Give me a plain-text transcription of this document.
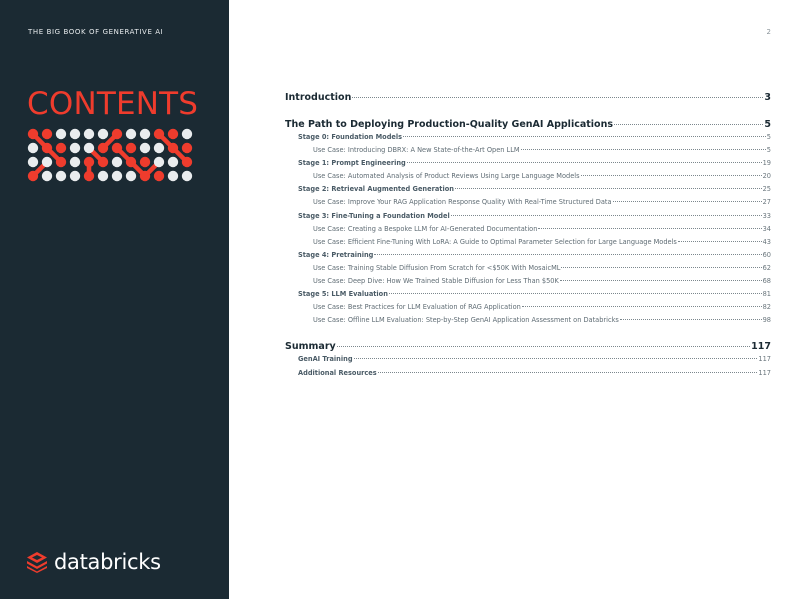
THE BIG BOOK OF GENERATIVE AI
CONTENTS
databricks
2
Introduction	3
The Path to Deploying Production-Quality GenAI Applications	5
Stage 0: Foundation Models	5
Use Case: Introducing DBRX: A New State-of-the-Art Open LLM	5
Stage 1: Prompt Engineering	19
Use Case: Automated Analysis of Product Reviews Using Large Language Models	20
Stage 2: Retrieval Augmented Generation	25
Use Case: Improve Your RAG Application Response Quality With Real-Time Structured Data	27
Stage 3: Fine-Tuning a Foundation Model	33
Use Case: Creating a Bespoke LLM for AI-Generated Documentation	34
Use Case: Efficient Fine-Tuning With LoRA: A Guide to Optimal Parameter Selection for Large Language Models	43
Stage 4: Pretraining	60
Use Case: Training Stable Diffusion From Scratch for <$50K With MosaicML	62
Use Case: Deep Dive: How We Trained Stable Diffusion for Less Than $50K	68
Stage 5: LLM Evaluation	81
Use Case: Best Practices for LLM Evaluation of RAG Application	82
Use Case: Offline LLM Evaluation: Step-by-Step GenAI Application Assessment on Databricks	98
Summary	117
GenAI Training	117
Additional Resources	117
